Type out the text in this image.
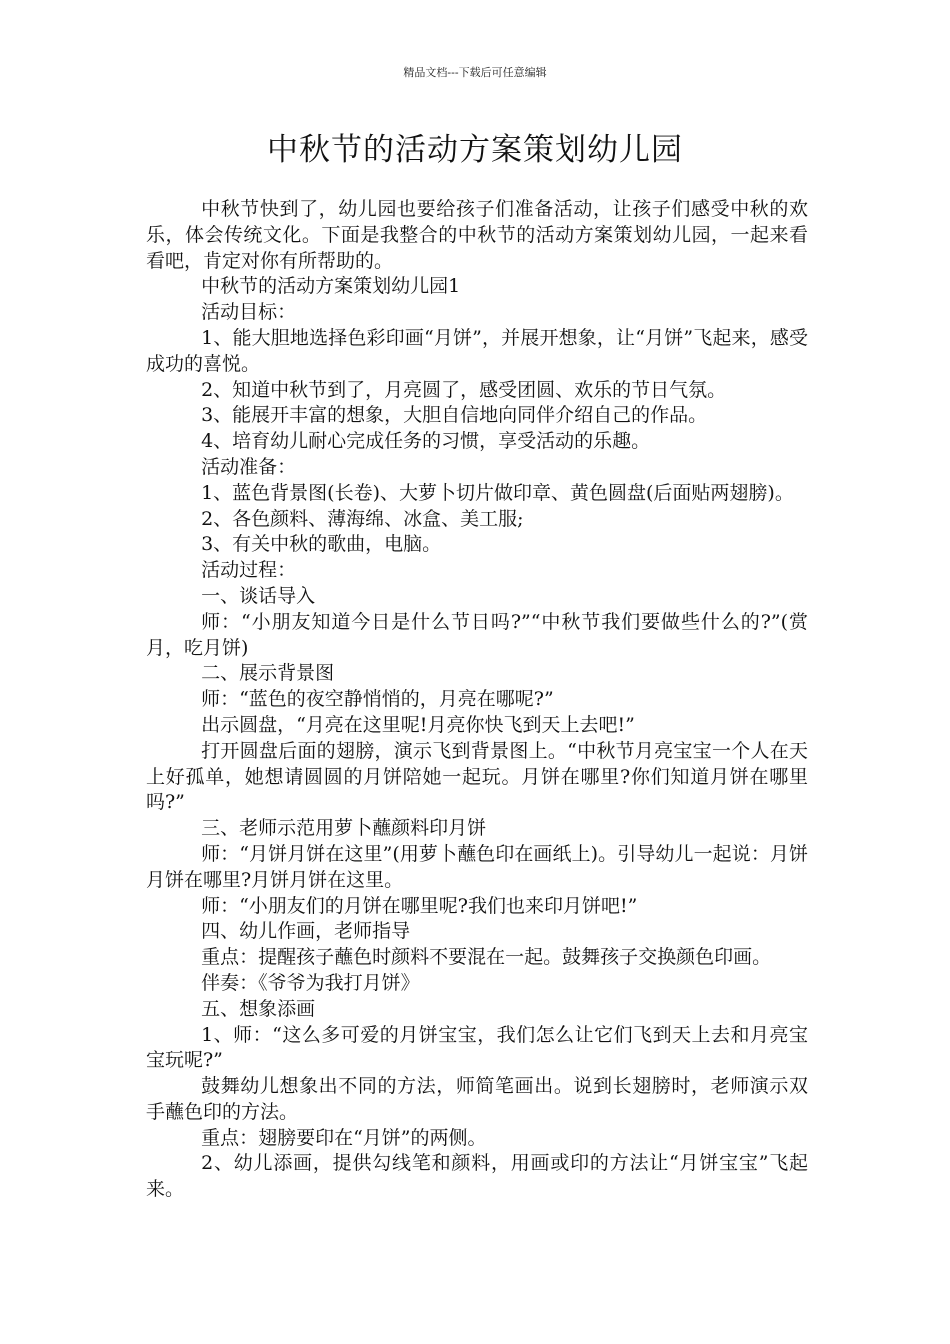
精品文档---下载后可任意编辑
中秋节的活动方案策划幼儿园

中秋节快到了，幼儿园也要给孩子们准备活动，让孩子们感受中秋的欢乐，体会传统文化。下面是我整合的中秋节的活动方案策划幼儿园，一起来看看吧，肯定对你有所帮助的。

中秋节的活动方案策划幼儿园1

活动目标：

1、能大胆地选择色彩印画“月饼”，并展开想象，让“月饼”飞起来，感受成功的喜悦。

2、知道中秋节到了，月亮圆了，感受团圆、欢乐的节日气氛。

3、能展开丰富的想象，大胆自信地向同伴介绍自己的作品。

4、培育幼儿耐心完成任务的习惯，享受活动的乐趣。

活动准备：

1、蓝色背景图(长卷)、大萝卜切片做印章、黄色圆盘(后面贴两翅膀)。

2、各色颜料、薄海绵、冰盒、美工服;

3、有关中秋的歌曲，电脑。

活动过程：

一、谈话导入

师：“小朋友知道今日是什么节日吗?”“中秋节我们要做些什么的?”(赏月，吃月饼)

二、展示背景图

师：“蓝色的夜空静悄悄的，月亮在哪呢?”

出示圆盘，“月亮在这里呢!月亮你快飞到天上去吧!”

打开圆盘后面的翅膀，演示飞到背景图上。“中秋节月亮宝宝一个人在天上好孤单，她想请圆圆的月饼陪她一起玩。月饼在哪里?你们知道月饼在哪里吗?”

三、老师示范用萝卜蘸颜料印月饼

师：“月饼月饼在这里”(用萝卜蘸色印在画纸上)。引导幼儿一起说：月饼月饼在哪里?月饼月饼在这里。

师：“小朋友们的月饼在哪里呢?我们也来印月饼吧!”

四、幼儿作画，老师指导

重点：提醒孩子蘸色时颜料不要混在一起。鼓舞孩子交换颜色印画。

伴奏：《爷爷为我打月饼》

五、想象添画

1、师：“这么多可爱的月饼宝宝，我们怎么让它们飞到天上去和月亮宝宝玩呢?”

鼓舞幼儿想象出不同的方法，师简笔画出。说到长翅膀时，老师演示双手蘸色印的方法。

重点：翅膀要印在“月饼”的两侧。

2、幼儿添画，提供勾线笔和颜料，用画或印的方法让“月饼宝宝”飞起来。
